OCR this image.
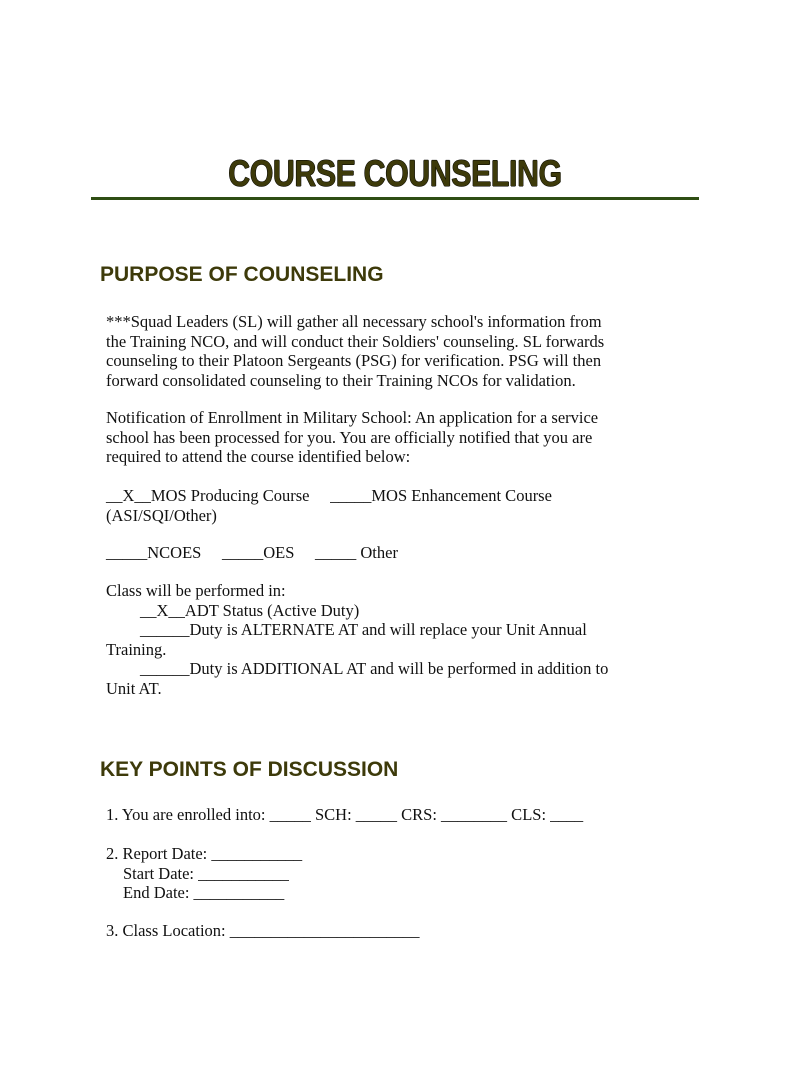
COURSE COUNSELING
PURPOSE OF COUNSELING
***Squad Leaders (SL) will gather all necessary school's information from
the Training NCO, and will conduct their Soldiers' counseling. SL forwards
counseling to their Platoon Sergeants (PSG) for verification. PSG will then
forward consolidated counseling to their Training NCOs for validation.
Notification of Enrollment in Military School: An application for a service
school has been processed for you. You are officially notified that you are
required to attend the course identified below:
__X__MOS Producing Course     _____MOS Enhancement Course
(ASI/SQI/Other)
_____NCOES     _____OES     _____ Other
Class will be performed in:
__X__ADT Status (Active Duty)
______Duty is ALTERNATE AT and will replace your Unit Annual
Training.
______Duty is ADDITIONAL AT and will be performed in addition to
Unit AT.
KEY POINTS OF DISCUSSION
1. You are enrolled into: _____ SCH: _____ CRS: ________ CLS: ____
2. Report Date: ___________
Start Date: ___________
End Date: ___________
3. Class Location: _______________________
